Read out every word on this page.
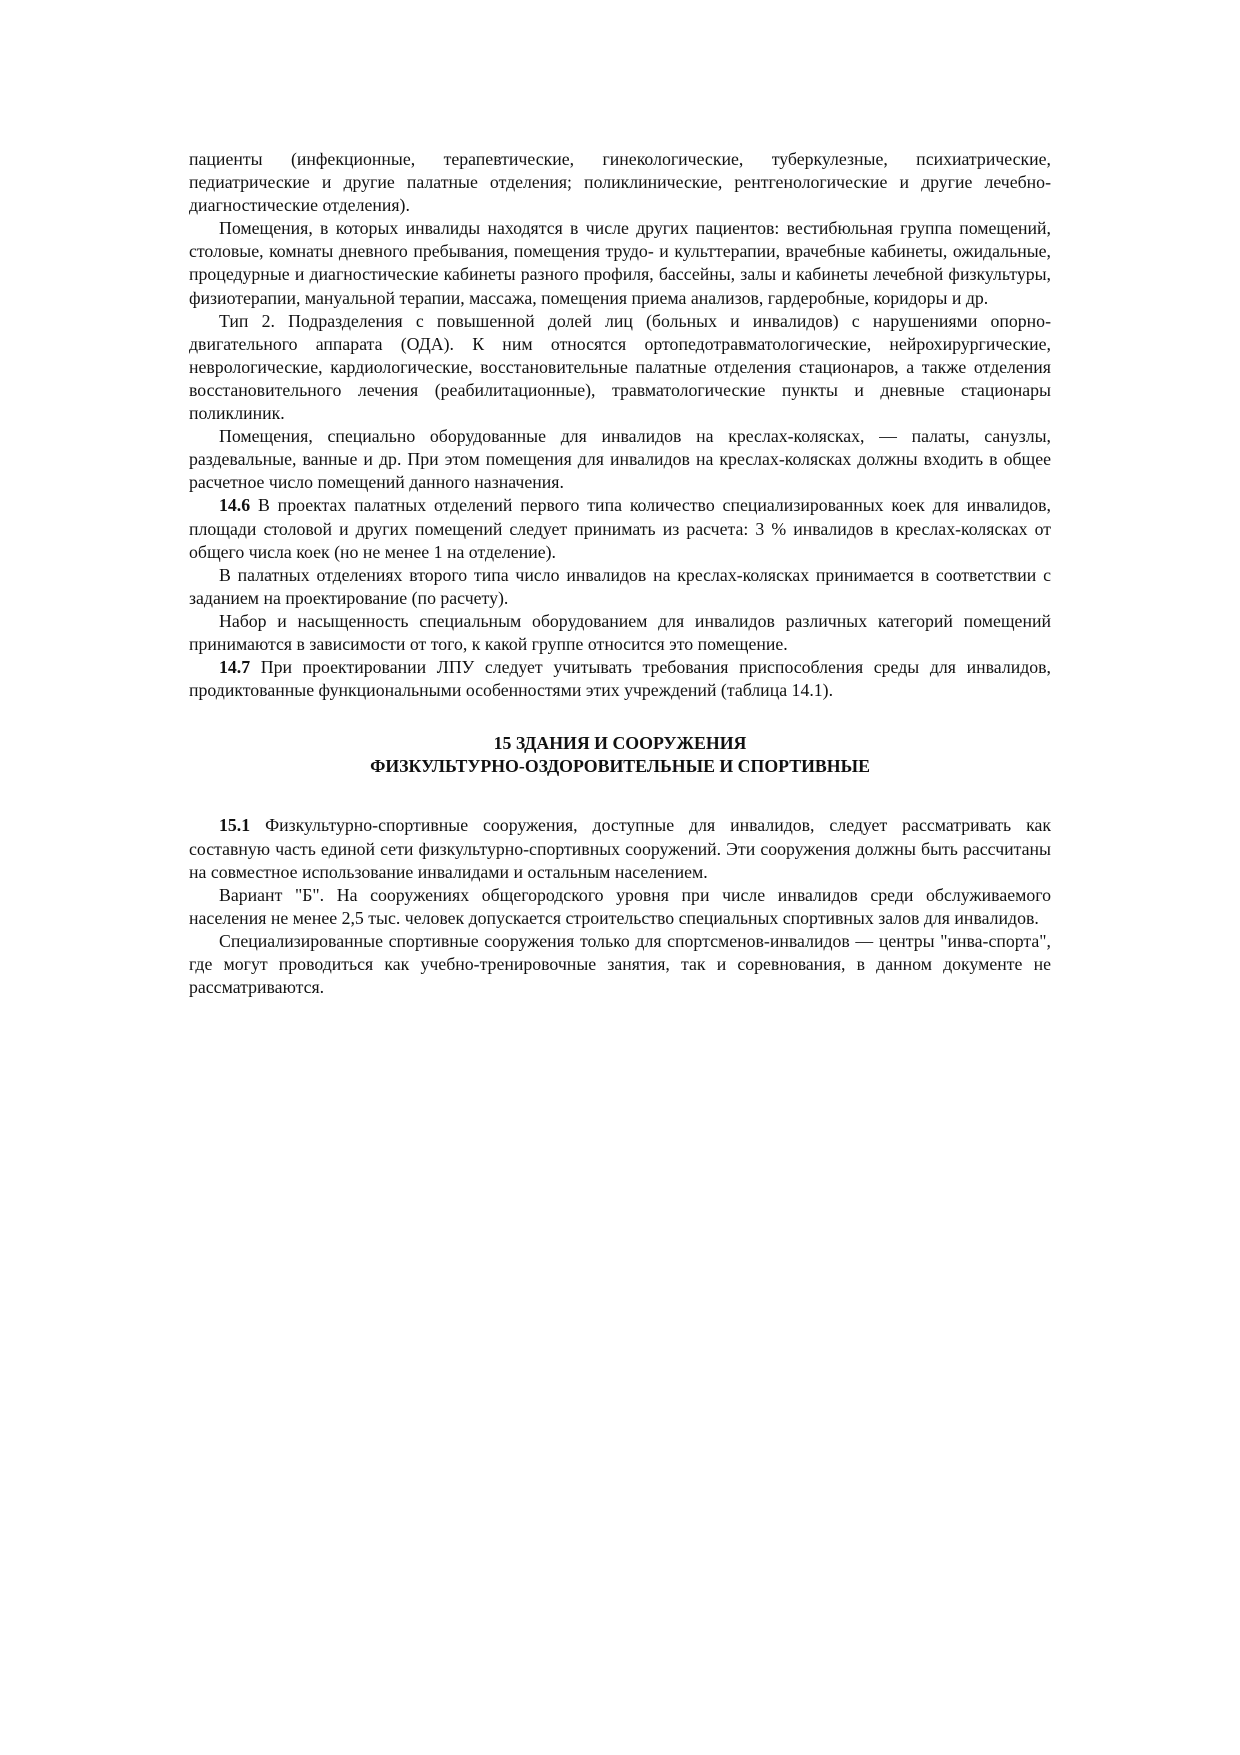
пациенты (инфекционные, терапевтические, гинекологические, туберкулезные, психиатрические, педиатрические и другие палатные отделения; поликлинические, рентгенологические и другие лечебно-диагностические отделения).

Помещения, в которых инвалиды находятся в числе других пациентов: вестибюльная группа помещений, столовые, комнаты дневного пребывания, помещения трудо- и культтерапии, врачебные кабинеты, ожидальные, процедурные и диагностические кабинеты разного профиля, бассейны, залы и кабинеты лечебной физкультуры, физиотерапии, мануальной терапии, массажа, помещения приема анализов, гардеробные, коридоры и др.

Тип 2. Подразделения с повышенной долей лиц (больных и инвалидов) с нарушениями опорно-двигательного аппарата (ОДА). К ним относятся ортопедотравматологические, нейрохирургические, неврологические, кардиологические, восстановительные палатные отделения стационаров, а также отделения восстановительного лечения (реабилитационные), травматологические пункты и дневные стационары поликлиник.

Помещения, специально оборудованные для инвалидов на креслах-колясках, — палаты, санузлы, раздевальные, ванные и др. При этом помещения для инвалидов на креслах-колясках должны входить в общее расчетное число помещений данного назначения.

14.6 В проектах палатных отделений первого типа количество специализированных коек для инвалидов, площади столовой и других помещений следует принимать из расчета: 3 % инвалидов в креслах-колясках от общего числа коек (но не менее 1 на отделение).

В палатных отделениях второго типа число инвалидов на креслах-колясках принимается в соответствии с заданием на проектирование (по расчету).

Набор и насыщенность специальным оборудованием для инвалидов различных категорий помещений принимаются в зависимости от того, к какой группе относится это помещение.

14.7 При проектировании ЛПУ следует учитывать требования приспособления среды для инвалидов, продиктованные функциональными особенностями этих учреждений (таблица 14.1).

15 ЗДАНИЯ И СООРУЖЕНИЯ
ФИЗКУЛЬТУРНО-ОЗДОРОВИТЕЛЬНЫЕ И СПОРТИВНЫЕ

15.1 Физкультурно-спортивные сооружения, доступные для инвалидов, следует рассматривать как составную часть единой сети физкультурно-спортивных сооружений. Эти сооружения должны быть рассчитаны на совместное использование инвалидами и остальным населением.

Вариант "Б". На сооружениях общегородского уровня при числе инвалидов среди обслуживаемого населения не менее 2,5 тыс. человек допускается строительство специальных спортивных залов для инвалидов.

Специализированные спортивные сооружения только для спортсменов-инвалидов — центры "инва-спорта", где могут проводиться как учебно-тренировочные занятия, так и соревнования, в данном документе не рассматриваются.
